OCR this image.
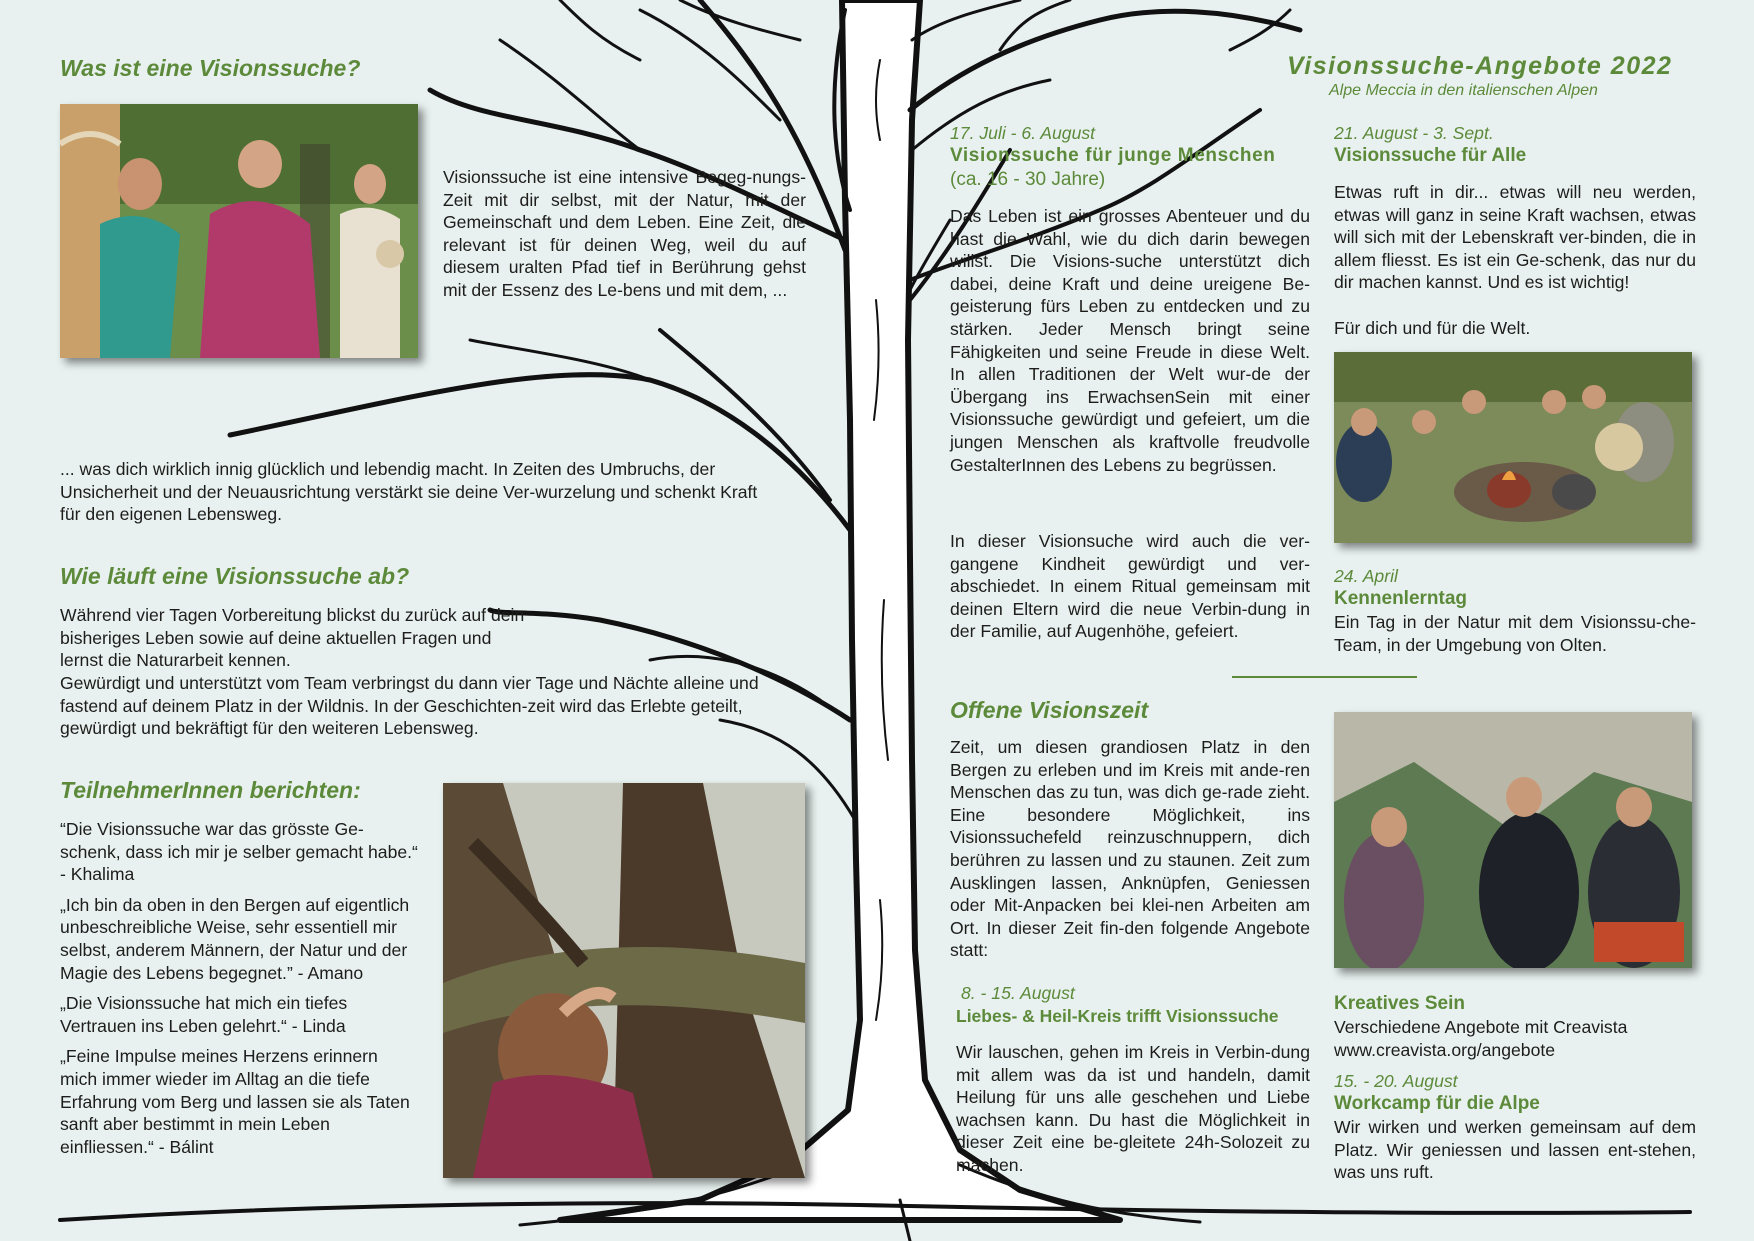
Was ist eine Visionssuche?

Visionssuche ist eine intensive Begeg-nungs-Zeit mit dir selbst, mit der Natur, mit der Gemeinschaft und dem Leben. Eine Zeit, die relevant ist für deinen Weg, weil du auf diesem uralten Pfad tief in Berührung gehst mit der Essenz des Le-bens und mit dem, ...

... was dich wirklich innig glücklich und lebendig macht. In Zeiten des Umbruchs, der Unsicherheit und der Neuausrichtung verstärkt sie deine Ver-wurzelung und schenkt Kraft für den eigenen Lebensweg.

Wie läuft eine Visionssuche ab?

Während vier Tagen Vorbereitung blickst du zurück auf dein bisheriges Leben sowie auf deine aktuellen Fragen und lernst die Naturarbeit kennen.

Gewürdigt und unterstützt vom Team verbringst du dann vier Tage und Nächte alleine und fastend auf deinem Platz in der Wildnis. In der Geschichten-zeit wird das Erlebte geteilt, gewürdigt und bekräftigt für den weiteren Lebensweg.

TeilnehmerInnen berichten:

“Die Visionssuche war das grösste Ge-schenk, dass ich mir je selber gemacht habe.“ - Khalima

„Ich bin da oben in den Bergen auf eigentlich unbeschreibliche Weise, sehr essentiell mir selbst, anderem Männern, der Natur und der Magie des Lebens begegnet.” - Amano

„Die Visionssuche hat mich ein tiefes Vertrauen ins Leben gelehrt.“ - Linda

„Feine Impulse meines Herzens erinnern mich immer wieder im Alltag an die tiefe Erfahrung vom Berg und lassen sie als Taten sanft aber bestimmt in mein Leben einfliessen.“ - Bálint

Visionssuche-Angebote 2022
Alpe Meccia in den italienschen Alpen
17. Juli - 6. August
Visionssuche für junge Menschen
(ca. 16 - 30 Jahre)

Das Leben ist ein grosses Abenteuer und du hast die Wahl, wie du dich darin bewegen willst. Die Visions-suche unterstützt dich dabei, deine Kraft und deine ureigene Be-geisterung fürs Leben zu entdecken und zu stärken. Jeder Mensch bringt seine Fähigkeiten und seine Freude in diese Welt. In allen Traditionen der Welt wur-de der Übergang ins ErwachsenSein mit einer Visionssuche gewürdigt und gefeiert, um die jungen Menschen als kraftvolle freudvolle GestalterInnen des Lebens zu begrüssen.

In dieser Visionsuche wird auch die ver-gangene Kindheit gewürdigt und ver-abschiedet. In einem Ritual gemeinsam mit deinen Eltern wird die neue Verbin-dung in der Familie, auf Augenhöhe, gefeiert.

21. August - 3. Sept.
Visionssuche für Alle

Etwas ruft in dir... etwas will neu werden, etwas will ganz in seine Kraft wachsen, etwas will sich mit der Lebenskraft ver-binden, die in allem fliesst. Es ist ein Ge-schenk, das nur du dir machen kannst. Und es ist wichtig!

Für dich und für die Welt.

24. April
Kennenlerntag

Ein Tag in der Natur mit dem Visionssu-che-Team, in der Umgebung von Olten.

Offene Visionszeit

Zeit, um diesen grandiosen Platz in den Bergen zu erleben und im Kreis mit ande-ren Menschen das zu tun, was dich ge-rade zieht. Eine besondere Möglichkeit, ins Visionssuchefeld reinzuschnuppern, dich berühren zu lassen und zu staunen. Zeit zum Ausklingen lassen, Anknüpfen, Geniessen oder Mit-Anpacken bei klei-nen Arbeiten am Ort. In dieser Zeit fin-den folgende Angebote statt:

8. - 15. August
Liebes- & Heil-Kreis trifft Visionssuche

Wir lauschen, gehen im Kreis in Verbin-dung mit allem was da ist und handeln, damit Heilung für uns alle geschehen und Liebe wachsen kann. Du hast die Möglichkeit in dieser Zeit eine be-gleitete 24h-Solozeit zu machen.

Kreatives Sein

Verschiedene Angebote mit Creavista

www.creavista.org/angebote

15. - 20. August
Workcamp für die Alpe

Wir wirken und werken gemeinsam auf dem Platz. Wir geniessen und lassen ent-stehen, was uns ruft.
